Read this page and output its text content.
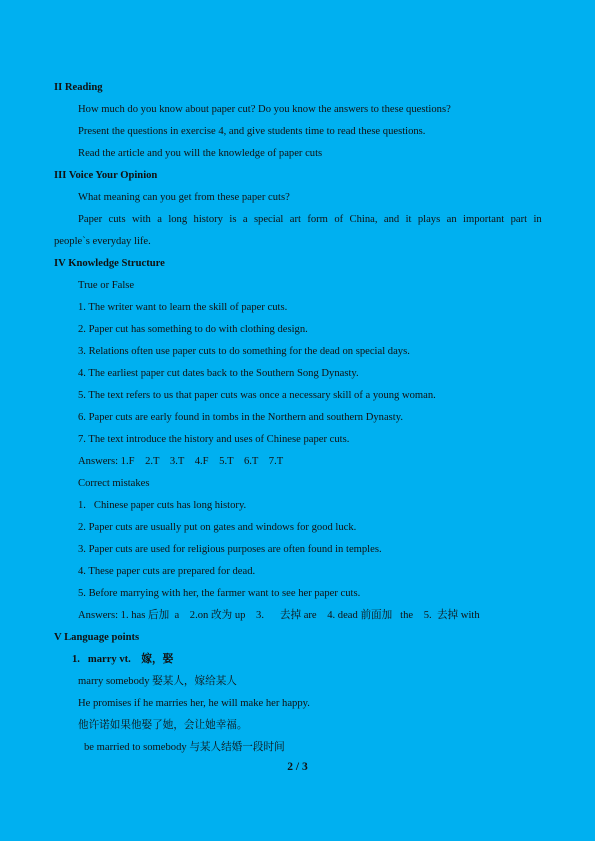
II Reading
How much do you know about paper cut? Do you know the answers to these questions?
Present the questions in exercise 4, and give students time to read these questions.
Read the article and you will the knowledge of paper cuts
III Voice Your Opinion
What meaning can you get from these paper cuts?
Paper cuts with a long history is a special art form of China, and it plays an important part in
people`s everyday life.
IV Knowledge Structure
True or False
1. The writer want to learn the skill of paper cuts.
2. Paper cut has something to do with clothing design.
3. Relations often use paper cuts to do something for the dead on special days.
4. The earliest paper cut dates back to the Southern Song Dynasty.
5. The text refers to us that paper cuts was once a necessary skill of a young woman.
6. Paper cuts are early found in tombs in the Northern and southern Dynasty.
7. The text introduce the history and uses of Chinese paper cuts.
Answers: 1.F    2.T    3.T    4.F    5.T    6.T    7.T
Correct mistakes
1.   Chinese paper cuts has long history.
2. Paper cuts are usually put on gates and windows for good luck.
3. Paper cuts are used for religious purposes are often found in temples.
4. These paper cuts are prepared for dead.
5. Before marrying with her, the farmer want to see her paper cuts.
Answers: 1. has 后加  a    2.on 改为 up    3.      去掉 are    4. dead 前面加   the    5.  去掉 with
V Language points
1.   marry vt.    嫁，娶
marry somebody 娶某人，嫁给某人
He promises if he marries her, he will make her happy.
他许诺如果他娶了她，会让她幸福。
be married to somebody 与某人结婚一段时间
2 / 3
